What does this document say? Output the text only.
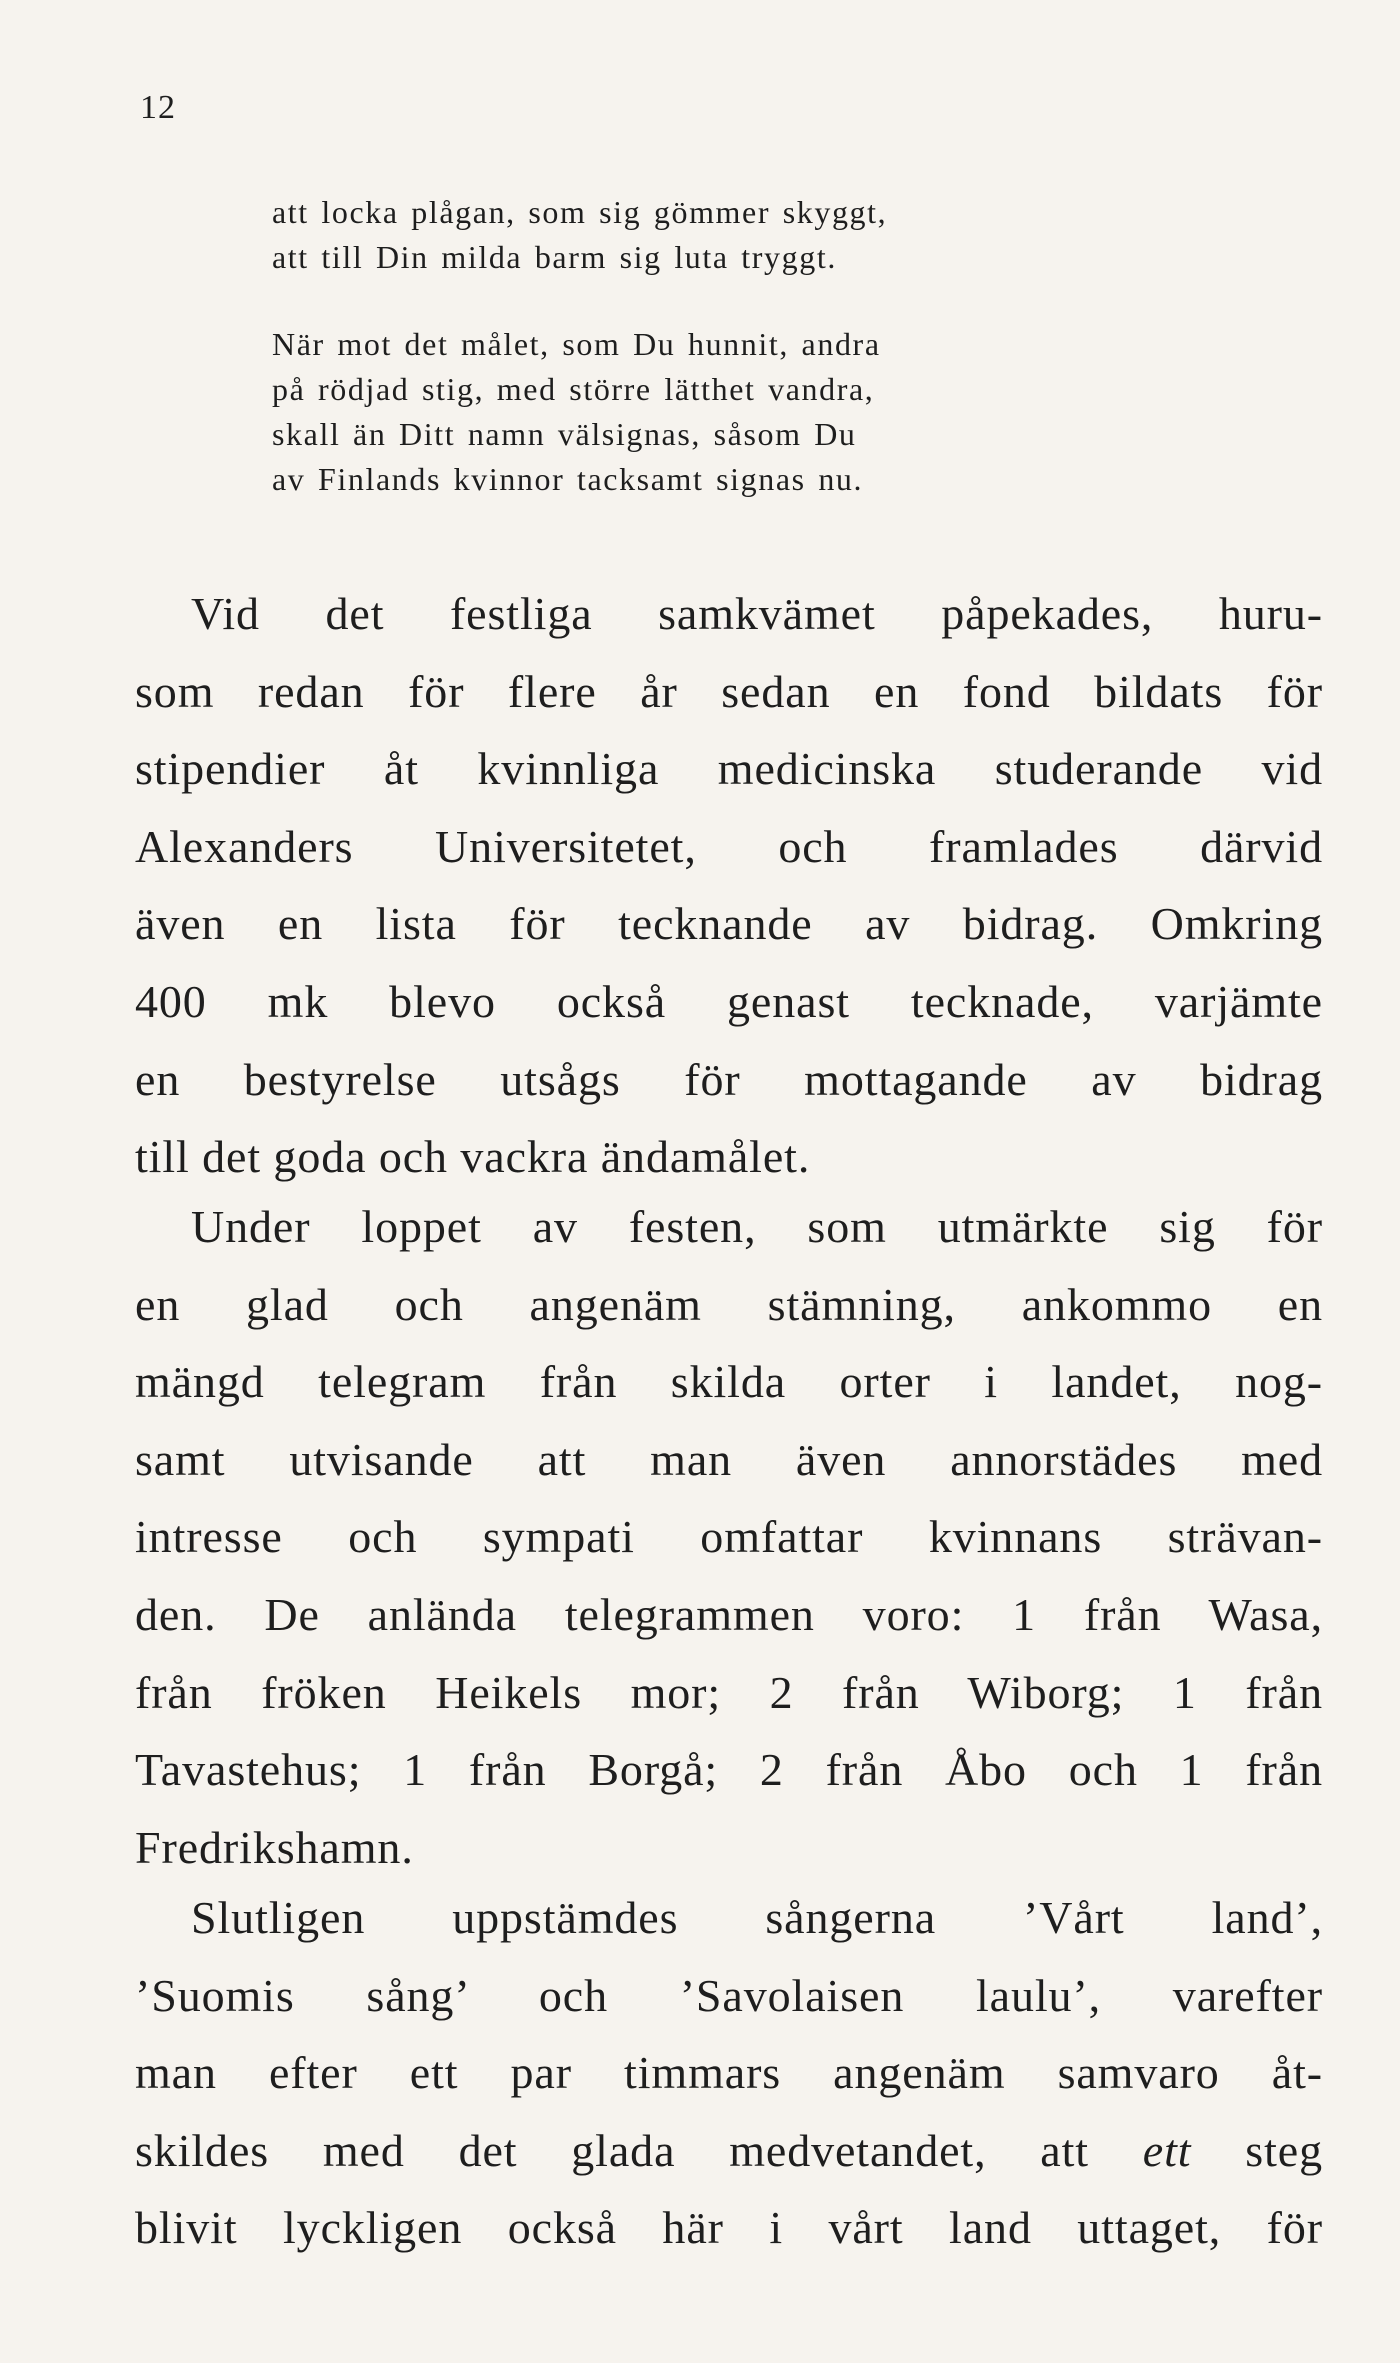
12
att locka plågan, som sig gömmer skyggt,
att till Din milda barm sig luta tryggt.
När mot det målet, som Du hunnit, andra
på rödjad stig, med större lätthet vandra,
skall än Ditt namn välsignas, såsom Du
av Finlands kvinnor tacksamt signas nu.
Vid det festliga samkvämet påpekades, huru-
som redan för flere år sedan en fond bildats för
stipendier åt kvinnliga medicinska studerande vid
Alexanders Universitetet, och framlades därvid
även en lista för tecknande av bidrag. Omkring
400 mk blevo också genast tecknade, varjämte
en bestyrelse utsågs för mottagande av bidrag
till det goda och vackra ändamålet.
Under loppet av festen, som utmärkte sig för
en glad och angenäm stämning, ankommo en
mängd telegram från skilda orter i landet, nog-
samt utvisande att man även annorstädes med
intresse och sympati omfattar kvinnans strävan-
den. De anlända telegrammen voro: 1 från Wasa,
från fröken Heikels mor; 2 från Wiborg; 1 från
Tavastehus; 1 från Borgå; 2 från Åbo och 1 från
Fredrikshamn.
Slutligen uppstämdes sångerna ’Vårt land’,
’Suomis sång’ och ’Savolaisen laulu’, varefter
man efter ett par timmars angenäm samvaro åt-
skildes med det glada medvetandet, att ett steg
blivit lyckligen också här i vårt land uttaget, för
